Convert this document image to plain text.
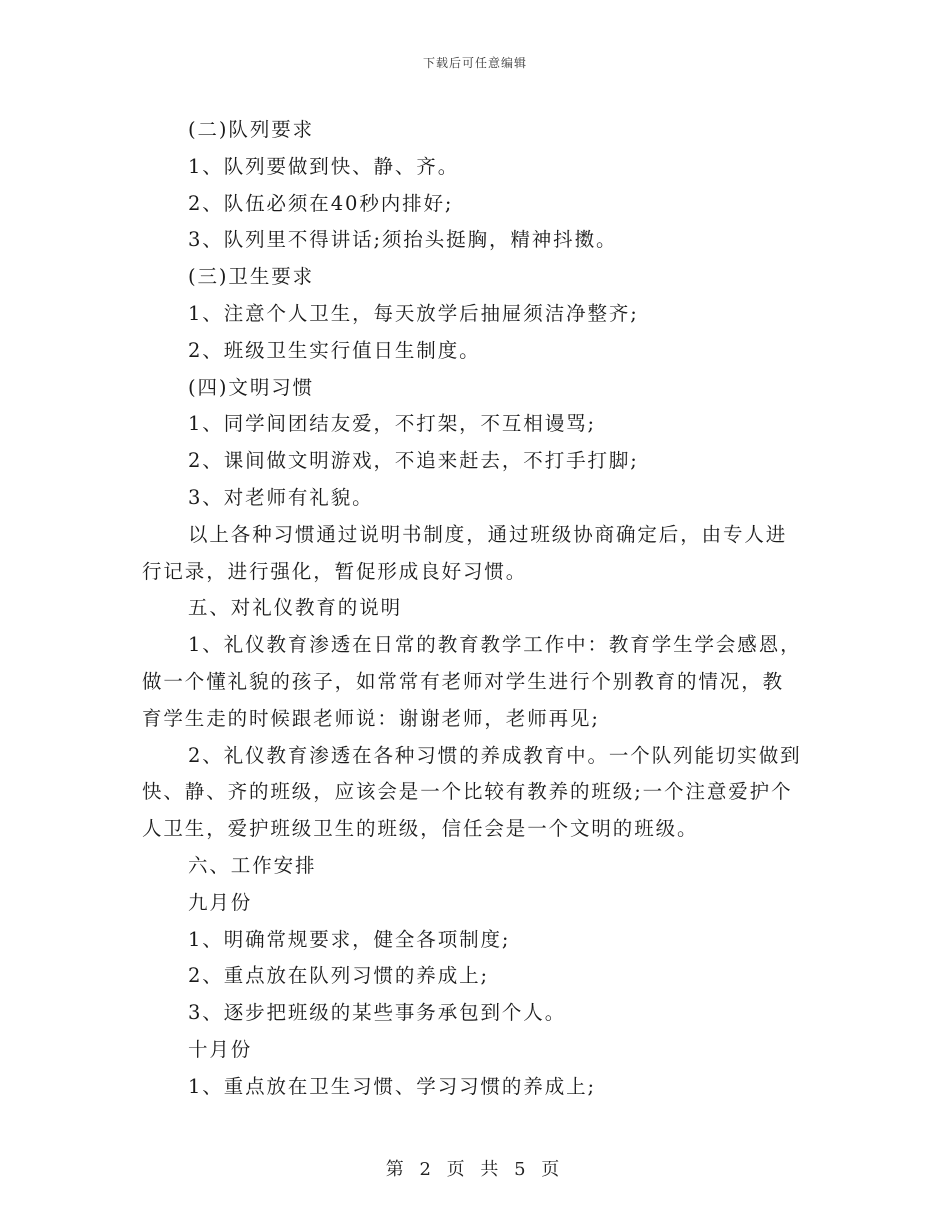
下载后可任意编辑
(二)队列要求
1、队列要做到快、静、齐。
2、队伍必须在40秒内排好;
3、队列里不得讲话;须抬头挺胸，精神抖擞。
(三)卫生要求
1、注意个人卫生，每天放学后抽屉须洁净整齐;
2、班级卫生实行值日生制度。
(四)文明习惯
1、同学间团结友爱，不打架，不互相谩骂;
2、课间做文明游戏，不追来赶去，不打手打脚;
3、对老师有礼貌。
以上各种习惯通过说明书制度，通过班级协商确定后，由专人进
行记录，进行强化，暂促形成良好习惯。
五、对礼仪教育的说明
1、礼仪教育渗透在日常的教育教学工作中：教育学生学会感恩，
做一个懂礼貌的孩子，如常常有老师对学生进行个别教育的情况，教
育学生走的时候跟老师说：谢谢老师，老师再见;
2、礼仪教育渗透在各种习惯的养成教育中。一个队列能切实做到
快、静、齐的班级，应该会是一个比较有教养的班级;一个注意爱护个
人卫生，爱护班级卫生的班级，信任会是一个文明的班级。
六、工作安排
九月份
1、明确常规要求，健全各项制度;
2、重点放在队列习惯的养成上;
3、逐步把班级的某些事务承包到个人。
十月份
1、重点放在卫生习惯、学习习惯的养成上;
第 2 页 共 5 页
